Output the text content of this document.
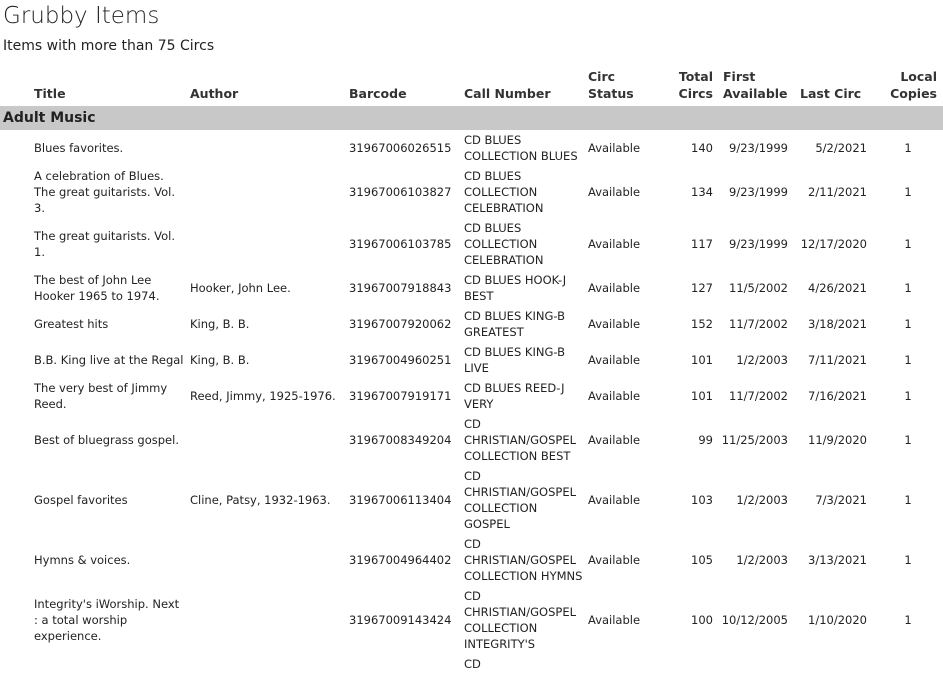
Grubby Items
Items with more than 75 Circs
	Title	Author	Barcode	Call Number	Circ Status	Total Circs	First Available	Last Circ	Local Copies
Adult Music									
	Blues favorites.		31967006026515	CD BLUES COLLECTION BLUES	Available	140	9/23/1999	5/2/2021	1
	A celebration of Blues. The great guitarists. Vol. 3.		31967006103827	CD BLUES COLLECTION CELEBRATION	Available	134	9/23/1999	2/11/2021	1
	The great guitarists. Vol. 1.		31967006103785	CD BLUES COLLECTION CELEBRATION	Available	117	9/23/1999	12/17/2020	1
	The best of John Lee Hooker 1965 to 1974.	Hooker, John Lee.	31967007918843	CD BLUES HOOK-J BEST	Available	127	11/5/2002	4/26/2021	1
	Greatest hits	King, B. B.	31967007920062	CD BLUES KING-B GREATEST	Available	152	11/7/2002	3/18/2021	1
	B.B. King live at the Regal	King, B. B.	31967004960251	CD BLUES KING-B LIVE	Available	101	1/2/2003	7/11/2021	1
	The very best of Jimmy Reed.	Reed, Jimmy, 1925-1976.	31967007919171	CD BLUES REED-J VERY	Available	101	11/7/2002	7/16/2021	1
	Best of bluegrass gospel.		31967008349204	CD CHRISTIAN/GOSPEL COLLECTION BEST	Available	99	11/25/2003	11/9/2020	1
	Gospel favorites	Cline, Patsy, 1932-1963.	31967006113404	CD CHRISTIAN/GOSPEL COLLECTION GOSPEL	Available	103	1/2/2003	7/3/2021	1
	Hymns & voices.		31967004964402	CD CHRISTIAN/GOSPEL COLLECTION HYMNS	Available	105	1/2/2003	3/13/2021	1
	Integrity's iWorship. Next : a total worship experience.		31967009143424	CD CHRISTIAN/GOSPEL COLLECTION INTEGRITY'S	Available	100	10/12/2005	1/10/2020	1
				CD					
